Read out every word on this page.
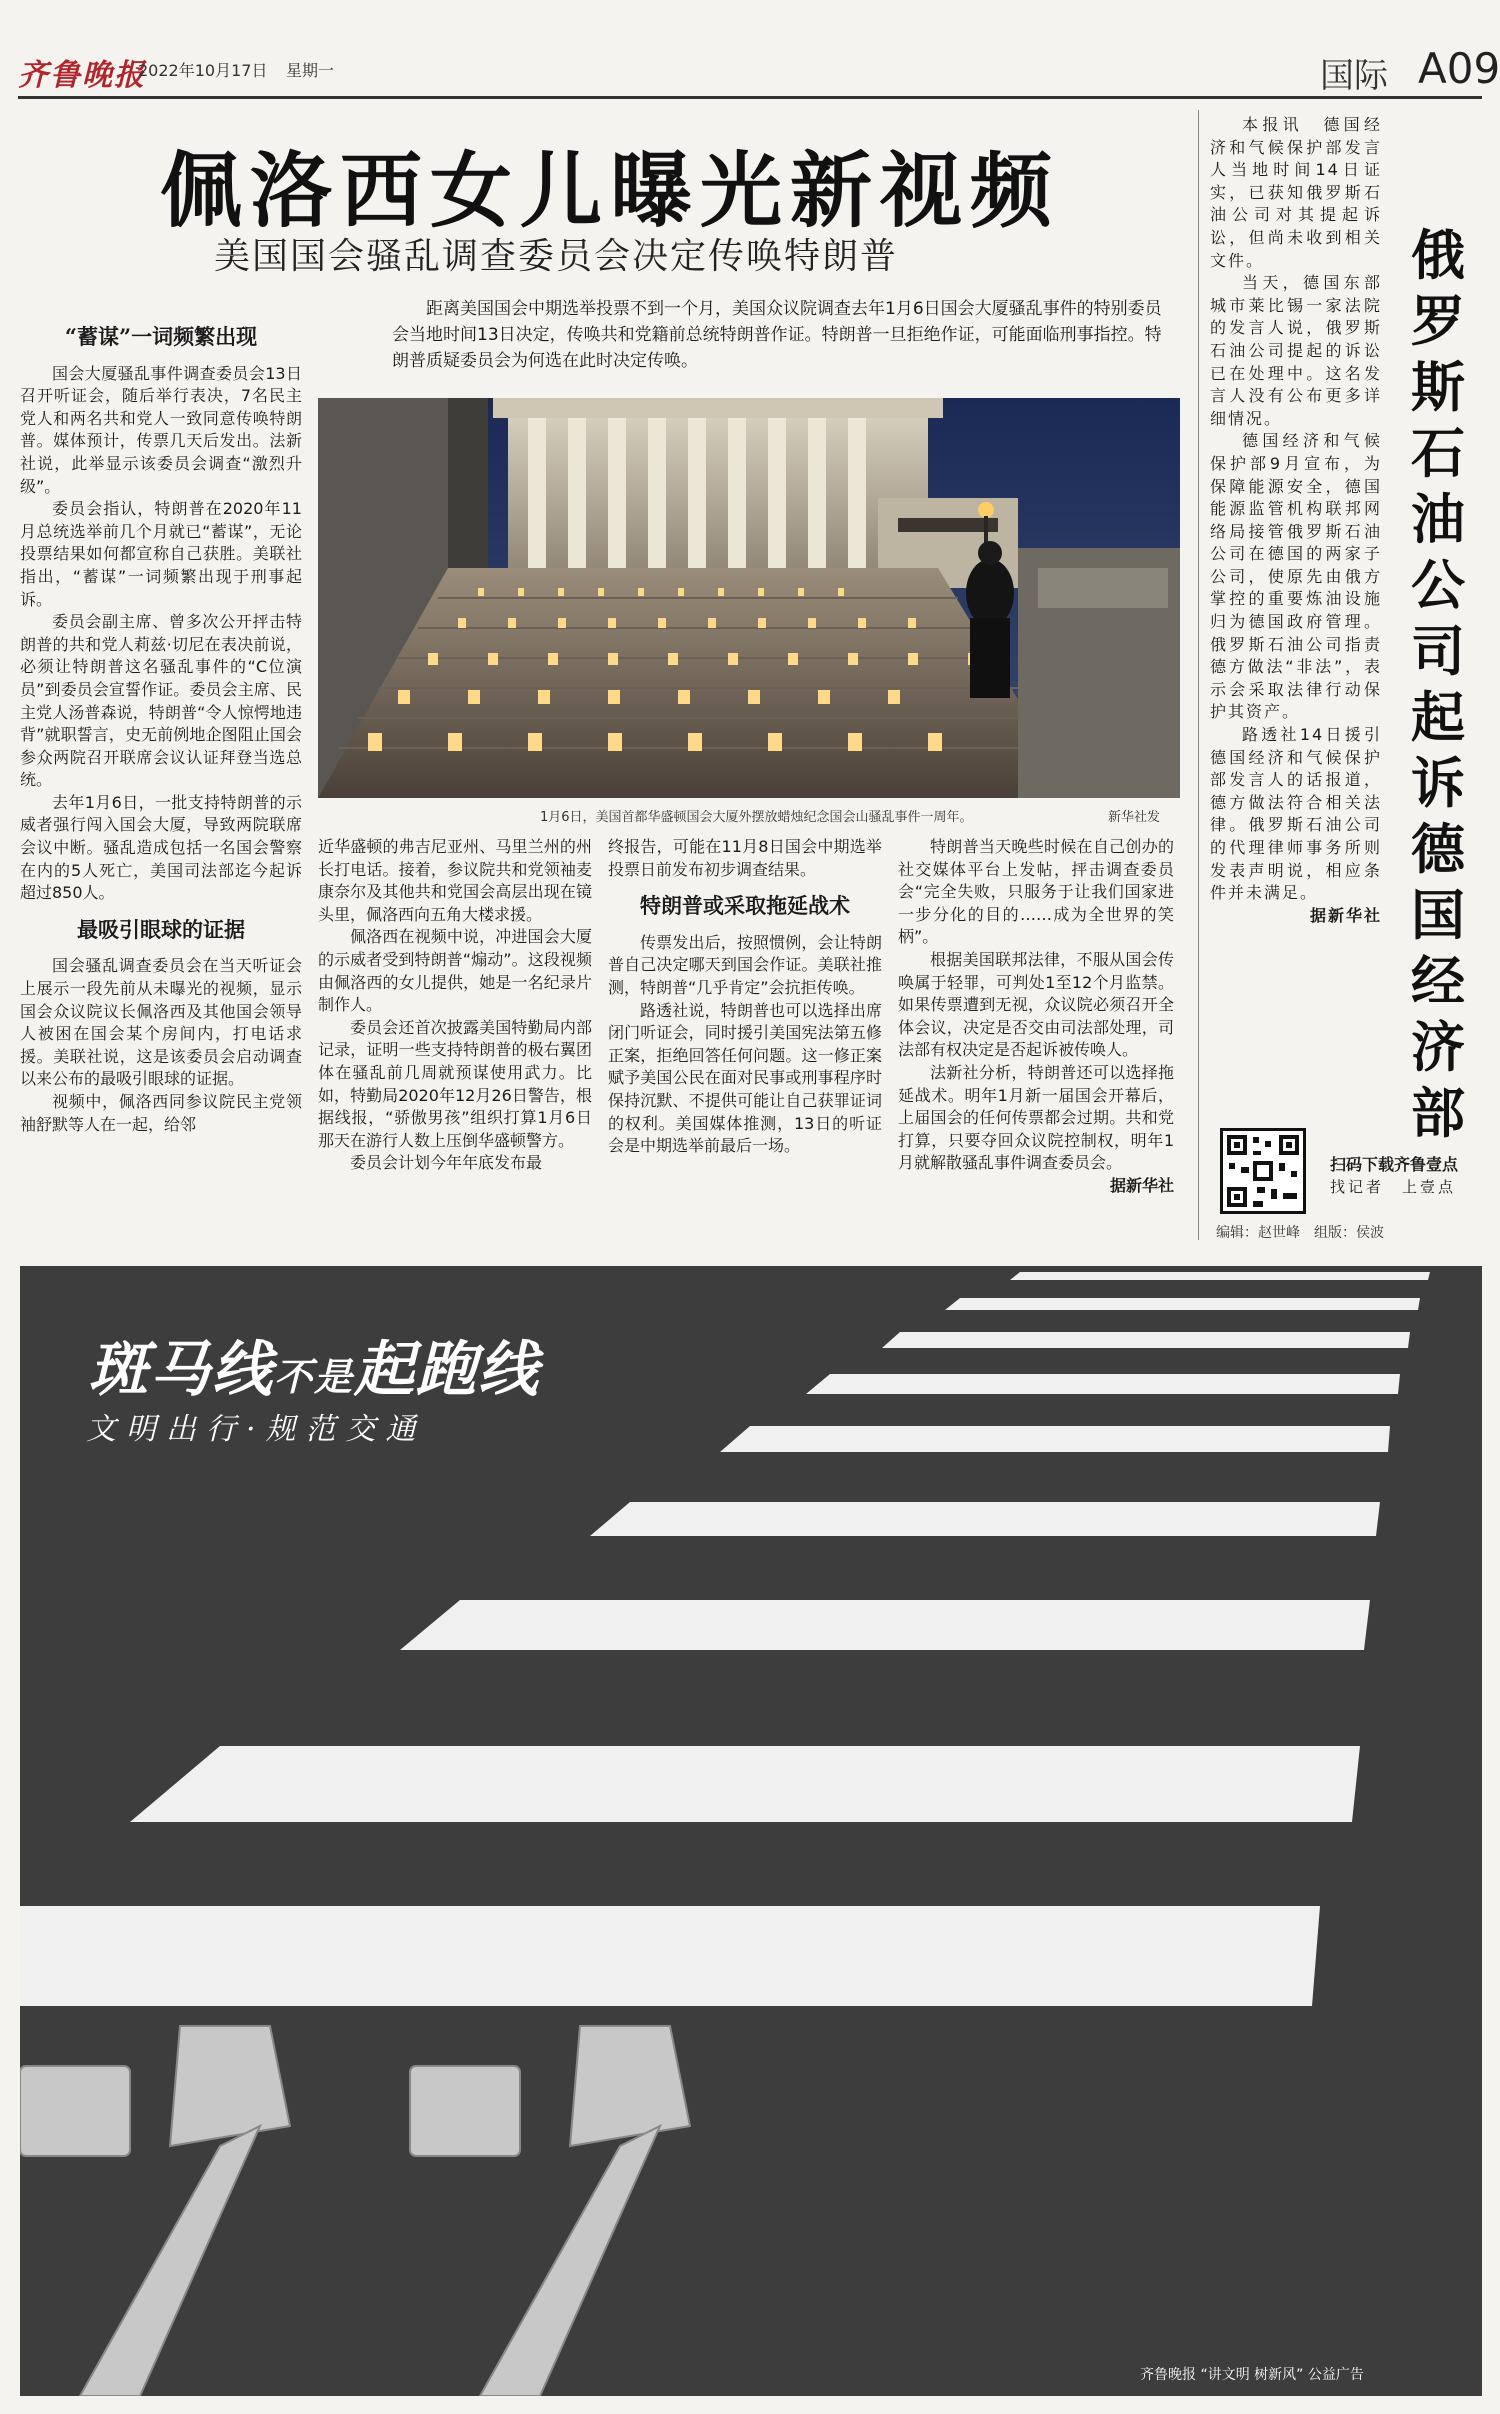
齐鲁晚报
2022年10月17日 星期一	国际 A09
佩洛西女儿曝光新视频
美国国会骚乱调查委员会决定传唤特朗普
距离美国国会中期选举投票不到一个月，美国众议院调查去年1月6日国会大厦骚乱事件的特别委员会当地时间13日决定，传唤共和党籍前总统特朗普作证。特朗普一旦拒绝作证，可能面临刑事指控。特朗普质疑委员会为何选在此时决定传唤。
“蓄谋”一词频繁出现

国会大厦骚乱事件调查委员会13日召开听证会，随后举行表决，7名民主党人和两名共和党人一致同意传唤特朗普。媒体预计，传票几天后发出。法新社说，此举显示该委员会调查“激烈升级”。

委员会指认，特朗普在2020年11月总统选举前几个月就已“蓄谋”，无论投票结果如何都宣称自己获胜。美联社指出，“蓄谋”一词频繁出现于刑事起诉。

委员会副主席、曾多次公开抨击特朗普的共和党人莉兹·切尼在表决前说，必须让特朗普这名骚乱事件的“C位演员”到委员会宣誓作证。委员会主席、民主党人汤普森说，特朗普“令人惊愕地违背”就职誓言，史无前例地企图阻止国会参众两院召开联席会议认证拜登当选总统。

去年1月6日，一批支持特朗普的示威者强行闯入国会大厦，导致两院联席会议中断。骚乱造成包括一名国会警察在内的5人死亡，美国司法部迄今起诉超过850人。

最吸引眼球的证据

国会骚乱调查委员会在当天听证会上展示一段先前从未曝光的视频，显示国会众议院议长佩洛西及其他国会领导人被困在国会某个房间内，打电话求援。美联社说，这是该委员会启动调查以来公布的最吸引眼球的证据。

视频中，佩洛西同参议院民主党领袖舒默等人在一起，给邻

1月6日，美国首都华盛顿国会大厦外摆放蜡烛纪念国会山骚乱事件一周年。	新华社发

近华盛顿的弗吉尼亚州、马里兰州的州长打电话。接着，参议院共和党领袖麦康奈尔及其他共和党国会高层出现在镜头里，佩洛西向五角大楼求援。

佩洛西在视频中说，冲进国会大厦的示威者受到特朗普“煽动”。这段视频由佩洛西的女儿提供，她是一名纪录片制作人。

委员会还首次披露美国特勤局内部记录，证明一些支持特朗普的极右翼团体在骚乱前几周就预谋使用武力。比如，特勤局2020年12月26日警告，根据线报，“骄傲男孩”组织打算1月6日那天在游行人数上压倒华盛顿警方。

委员会计划今年年底发布最

终报告，可能在11月8日国会中期选举投票日前发布初步调查结果。

特朗普或采取拖延战术

传票发出后，按照惯例，会让特朗普自己决定哪天到国会作证。美联社推测，特朗普“几乎肯定”会抗拒传唤。

路透社说，特朗普也可以选择出席闭门听证会，同时援引美国宪法第五修正案，拒绝回答任何问题。这一修正案赋予美国公民在面对民事或刑事程序时保持沉默、不提供可能让自己获罪证词的权利。美国媒体推测，13日的听证会是中期选举前最后一场。

特朗普当天晚些时候在自己创办的社交媒体平台上发帖，抨击调查委员会“完全失败，只服务于让我们国家进一步分化的目的……成为全世界的笑柄”。

根据美国联邦法律，不服从国会传唤属于轻罪，可判处1至12个月监禁。如果传票遭到无视，众议院必须召开全体会议，决定是否交由司法部处理，司法部有权决定是否起诉被传唤人。

法新社分析，特朗普还可以选择拖延战术。明年1月新一届国会开幕后，上届国会的任何传票都会过期。共和党打算，只要夺回众议院控制权，明年1月就解散骚乱事件调查委员会。

据新华社

本报讯　德国经济和气候保护部发言人当地时间14日证实，已获知俄罗斯石油公司对其提起诉讼，但尚未收到相关文件。

当天，德国东部城市莱比锡一家法院的发言人说，俄罗斯石油公司提起的诉讼已在处理中。这名发言人没有公布更多详细情况。

德国经济和气候保护部9月宣布，为保障能源安全，德国能源监管机构联邦网络局接管俄罗斯石油公司在德国的两家子公司，使原先由俄方掌控的重要炼油设施归为德国政府管理。俄罗斯石油公司指责德方做法“非法”，表示会采取法律行动保护其资产。

路透社14日援引德国经济和气候保护部发言人的话报道，德方做法符合相关法律。俄罗斯石油公司的代理律师事务所则发表声明说，相应条件并未满足。

据新华社

俄罗斯石油公司起诉德国经济部
扫码下载齐鲁壹点
找记者　上壹点
编辑：赵世峰　组版：侯波
斑马线不是起跑线
文明出行·规范交通
齐鲁晚报 “讲文明 树新风” 公益广告
